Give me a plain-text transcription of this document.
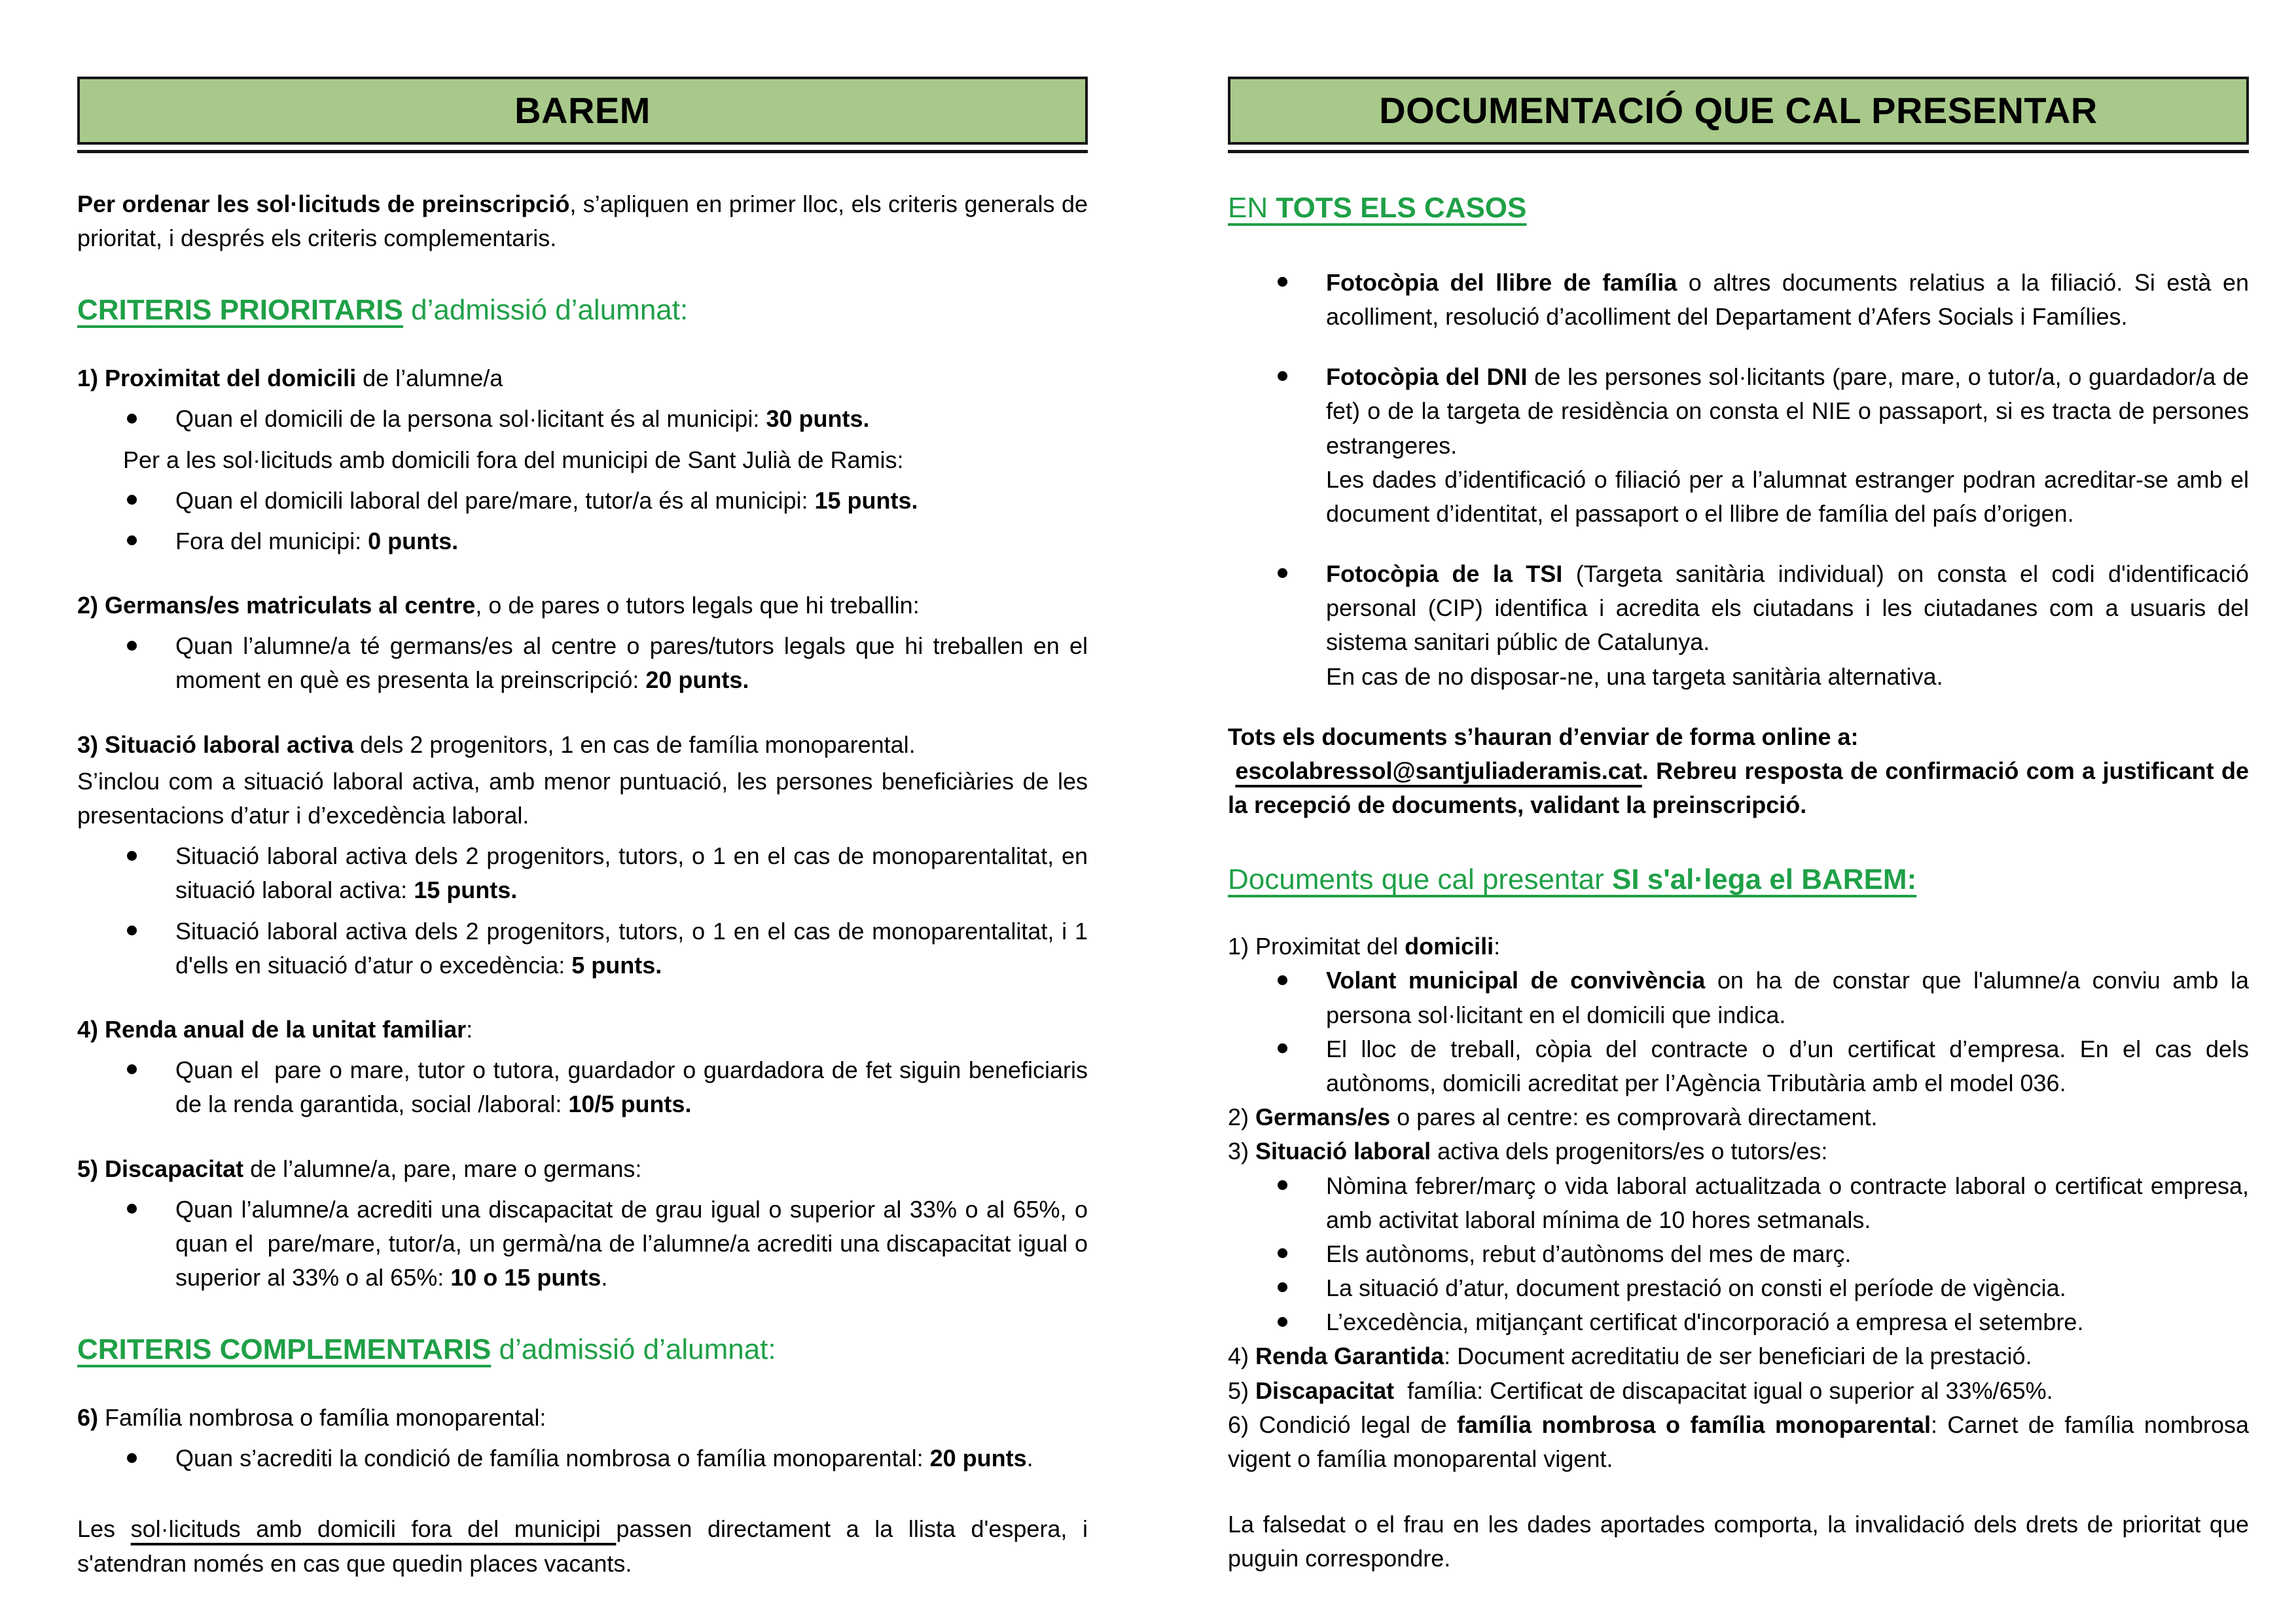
BAREM

Per ordenar les sol·licituds de preinscripció, s’apliquen en primer lloc, els criteris generals de prioritat, i després els criteris complementaris.

CRITERIS PRIORITARIS d’admissió d’alumnat:

1) Proximitat del domicili de l’alumne/a

Quan el domicili de la persona sol·licitant és al municipi: 30 punts.

Per a les sol·licituds amb domicili fora del municipi de Sant Julià de Ramis:

Quan el domicili laboral del pare/mare, tutor/a és al municipi: 15 punts.
Fora del municipi: 0 punts.

2) Germans/es matriculats al centre, o de pares o tutors legals que hi treballin:

Quan l’alumne/a té germans/es al centre o pares/tutors legals que hi treballen en el moment en què es presenta la preinscripció: 20 punts.

3) Situació laboral activa dels 2 progenitors, 1 en cas de família monoparental.

S’inclou com a situació laboral activa, amb menor puntuació, les persones beneficiàries de les presentacions d’atur i d’excedència laboral.

Situació laboral activa dels 2 progenitors, tutors, o 1 en el cas de monoparentalitat, en situació laboral activa: 15 punts.
Situació laboral activa dels 2 progenitors, tutors, o 1 en el cas de monoparentalitat, i 1 d'ells en situació d’atur o excedència: 5 punts.

4) Renda anual de la unitat familiar:

Quan el  pare o mare, tutor o tutora, guardador o guardadora de fet siguin beneficiaris de la renda garantida, social /laboral: 10/5 punts.

5) Discapacitat de l’alumne/a, pare, mare o germans:

Quan l’alumne/a acrediti una discapacitat de grau igual o superior al 33% o al 65%, o quan el  pare/mare, tutor/a, un germà/na de l’alumne/a acrediti una discapacitat igual o superior al 33% o al 65%: 10 o 15 punts.
CRITERIS COMPLEMENTARIS d’admissió d’alumnat:

6) Família nombrosa o família monoparental:

Quan s’acrediti la condició de família nombrosa o família monoparental: 20 punts.

Les sol·licituds amb domicili fora del municipi passen directament a la llista d'espera, i s'atendran només en cas que quedin places vacants.

DOCUMENTACIÓ QUE CAL PRESENTAR
EN TOTS ELS CASOS
Fotocòpia del llibre de família o altres documents relatius a la filiació. Si està en acolliment, resolució d’acolliment del Departament d’Afers Socials i Famílies.
Fotocòpia del DNI de les persones sol·licitants (pare, mare, o tutor/a, o guardador/a de fet) o de la targeta de residència on consta el NIE o passaport, si es tracta de persones estrangeres.
Les dades d’identificació o filiació per a l’alumnat estranger podran acreditar-se amb el document d’identitat, el passaport o el llibre de família del país d’origen.
Fotocòpia de la TSI (Targeta sanitària individual) on consta el codi d'identificació personal (CIP) identifica i acredita els ciutadans i les ciutadanes com a usuaris del sistema sanitari públic de Catalunya.
En cas de no disposar-ne, una targeta sanitària alternativa.

Tots els documents s’hauran d’enviar de forma online a:

escolabressol@santjuliaderamis.cat. Rebreu resposta de confirmació com a justificant de la recepció de documents, validant la preinscripció.

Documents que cal presentar SI s'al·lega el BAREM:

1) Proximitat del domicili:

Volant municipal de convivència on ha de constar que l'alumne/a conviu amb la persona sol·licitant en el domicili que indica.
El lloc de treball, còpia del contracte o d’un certificat d’empresa. En el cas dels autònoms, domicili acreditat per l’Agència Tributària amb el model 036.

2) Germans/es o pares al centre: es comprovarà directament.

3) Situació laboral activa dels progenitors/es o tutors/es:

Nòmina febrer/març o vida laboral actualitzada o contracte laboral o certificat empresa, amb activitat laboral mínima de 10 hores setmanals.
Els autònoms, rebut d’autònoms del mes de març.
La situació d’atur, document prestació on consti el període de vigència.
L’excedència, mitjançant certificat d'incorporació a empresa el setembre.

4) Renda Garantida: Document acreditatiu de ser beneficiari de la prestació.

5) Discapacitat  família: Certificat de discapacitat igual o superior al 33%/65%.

6) Condició legal de família nombrosa o família monoparental: Carnet de família nombrosa vigent o família monoparental vigent.

La falsedat o el frau en les dades aportades comporta, la invalidació dels drets de prioritat que puguin correspondre.
